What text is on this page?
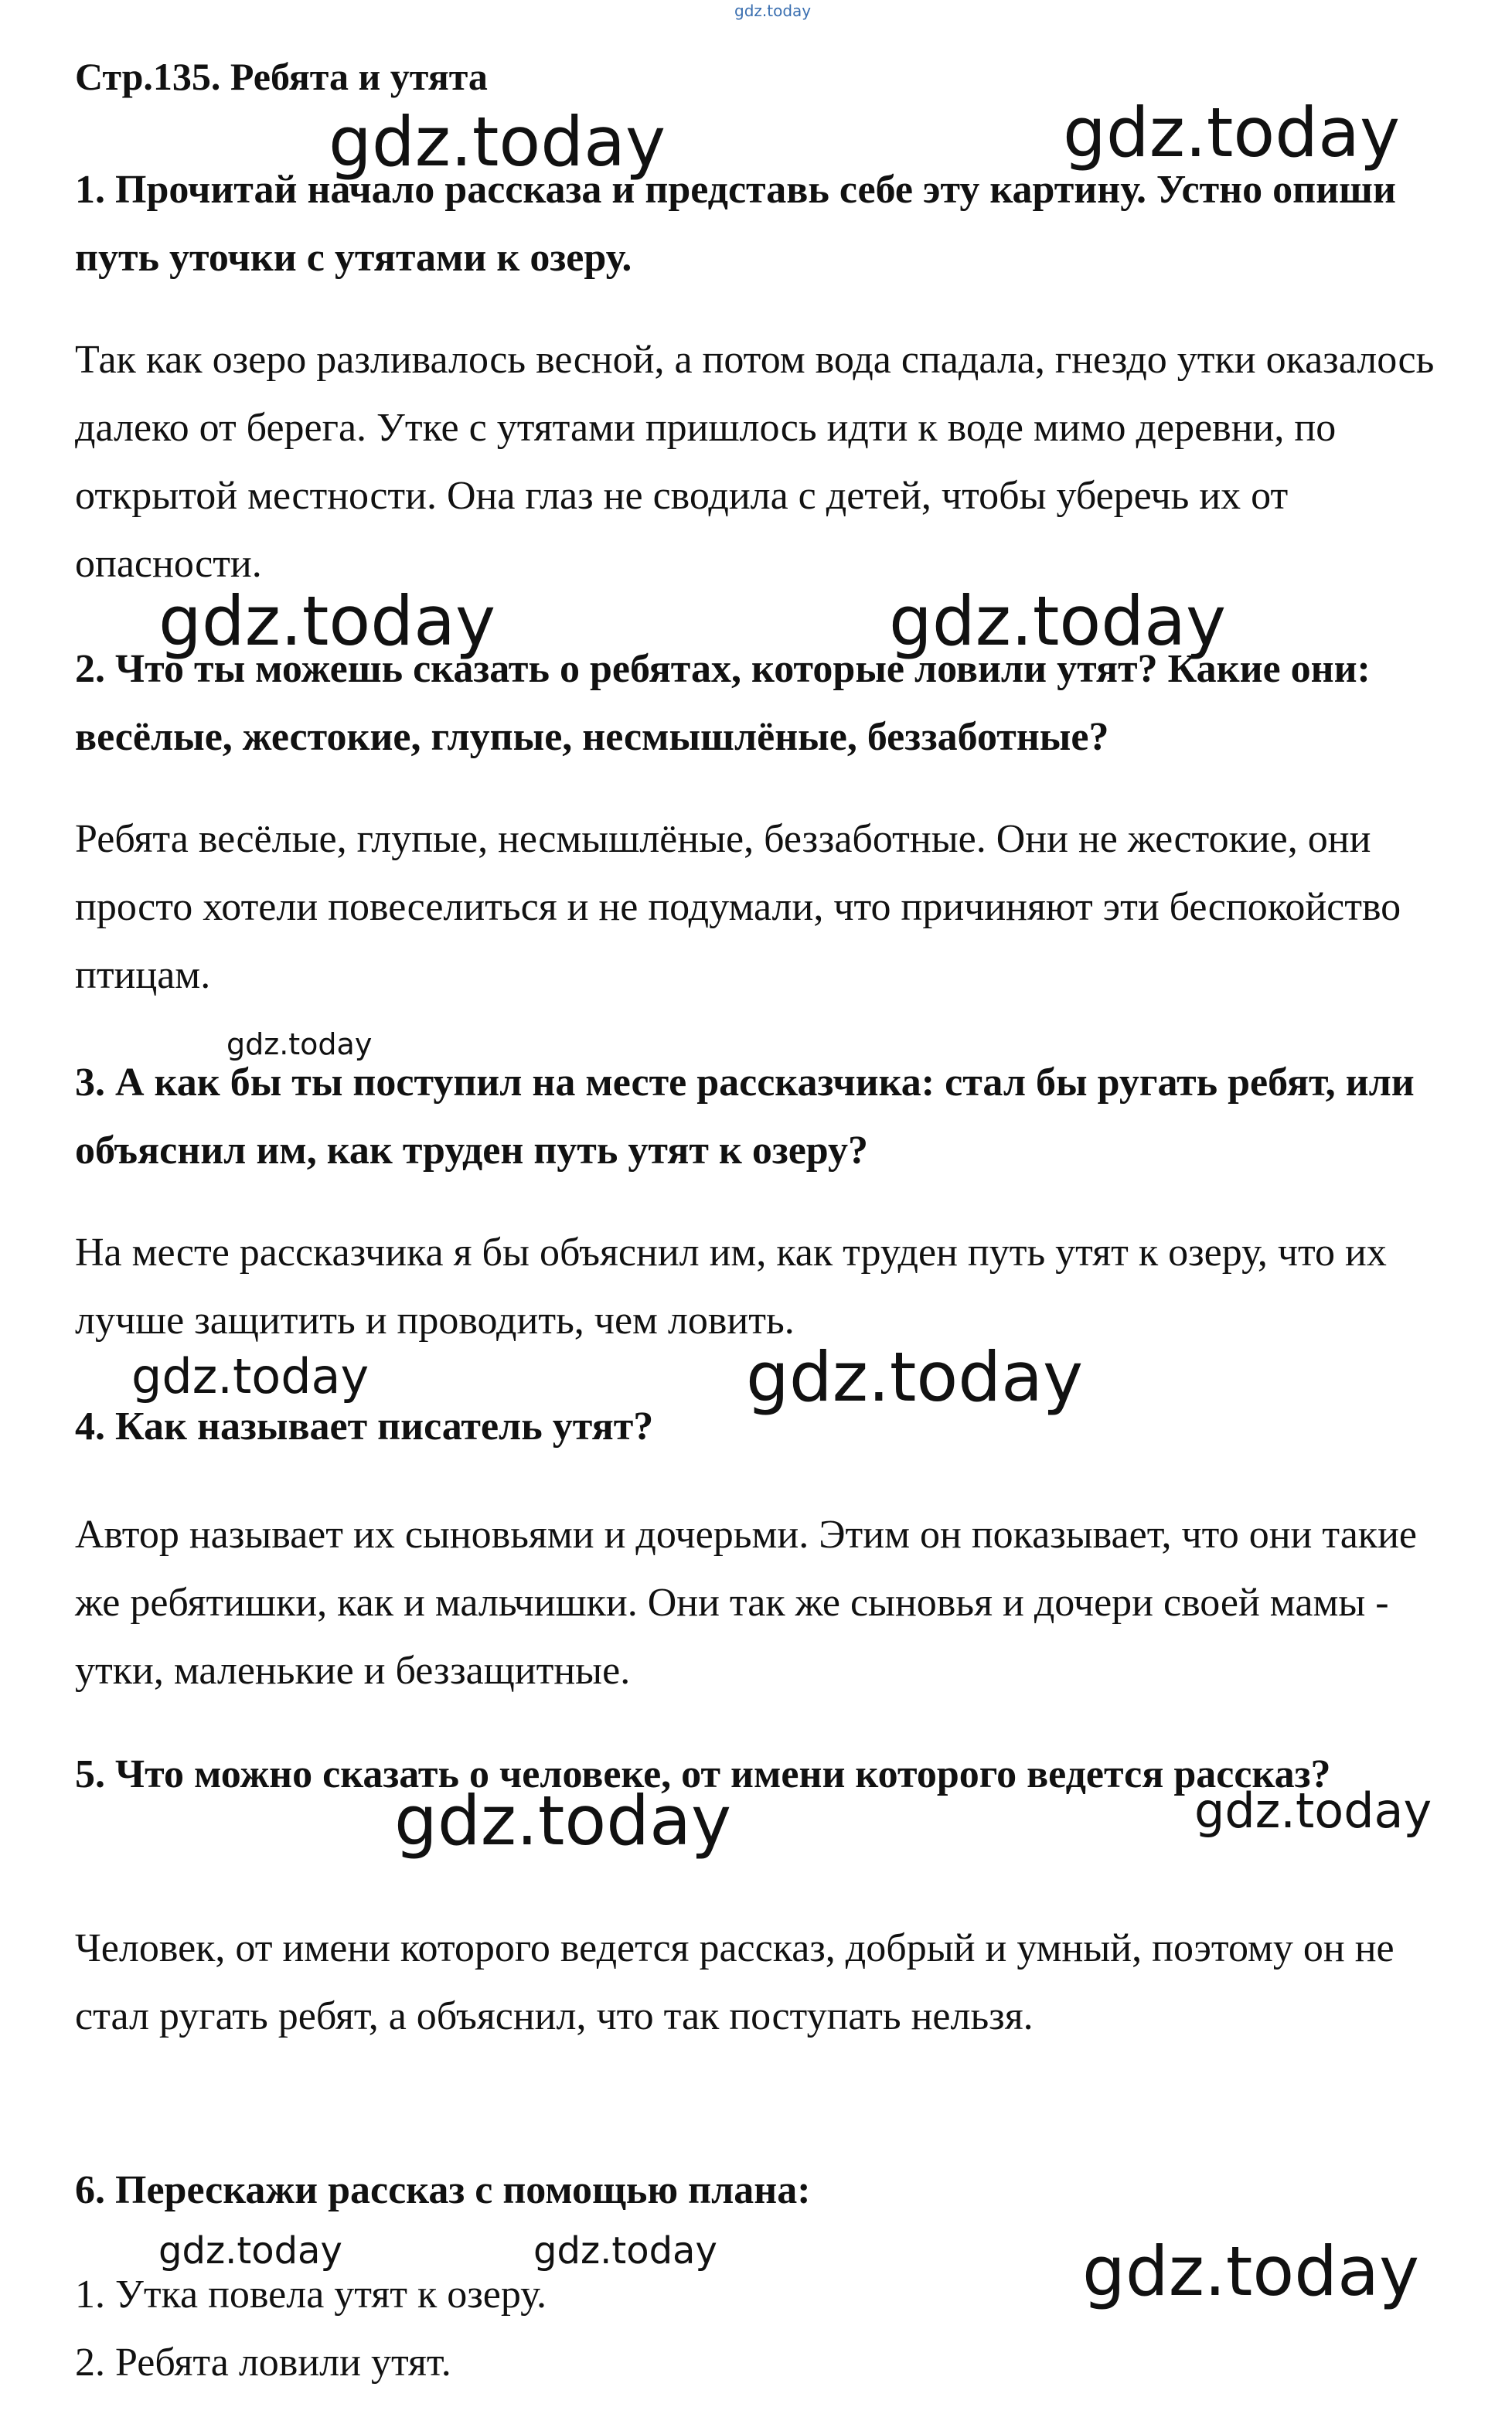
gdz.today
Стр.135. Ребята и утята
1. Прочитай начало рассказа и представь себе эту картину. Устно опиши путь уточки с утятами к озеру.
Так как озеро разливалось весной, а потом вода спадала, гнездо утки оказалось далеко от берега. Утке с утятами пришлось идти к воде мимо деревни, по открытой местности. Она глаз не сводила с детей, чтобы уберечь их от опасности.
2. Что ты можешь сказать о ребятах, которые ловили утят? Какие они: весёлые, жестокие, глупые, несмышлёные, беззаботные?
Ребята весёлые, глупые, несмышлёные, беззаботные. Они не жестокие, они просто хотели повеселиться и не подумали, что причиняют эти беспокойство птицам.
3. А как бы ты поступил на месте рассказчика: стал бы ругать ребят, или объяснил им, как труден путь утят к озеру?
На месте рассказчика я бы объяснил им, как труден путь утят к озеру, что их лучше защитить и проводить, чем ловить.
4. Как называет писатель утят?
Автор называет их сыновьями и дочерьми. Этим он показывает, что они такие же ребятишки, как и мальчишки. Они так же сыновья и дочери своей мамы - утки, маленькие и беззащитные.
5. Что можно сказать о человеке, от имени которого ведется рассказ?
Человек, от имени которого ведется рассказ, добрый и умный, поэтому он не стал ругать ребят, а объяснил, что так поступать нельзя.
6. Перескажи рассказ с помощью плана:
1. Утка повела утят к озеру.
2. Ребята ловили утят.
gdz.today	gdz.today
gdz.today	gdz.today
gdz.today
gdz.today	gdz.today
gdz.today	gdz.today
gdz.today	gdz.today	gdz.today
